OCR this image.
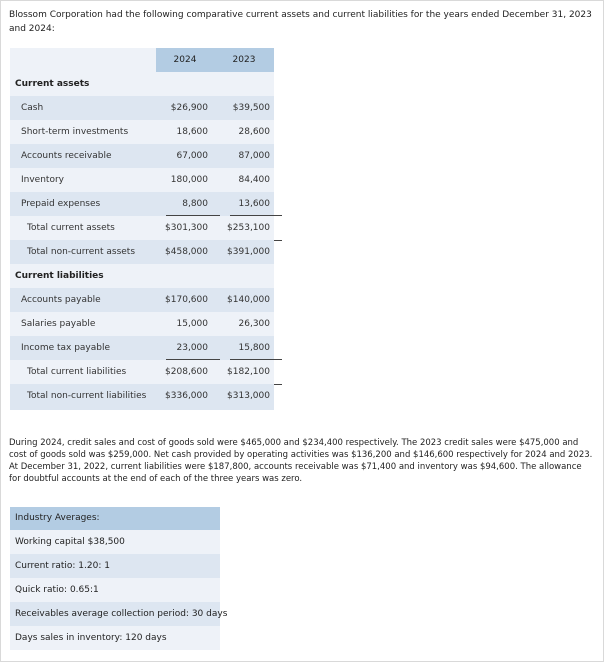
Blossom Corporation had the following comparative current assets and current liabilities for the years ended December 31, 2023 and 2024:

2024	2023
Current assets
Cash	$26,900	$39,500
Short-term investments	18,600	28,600
Accounts receivable	67,000	87,000
Inventory	180,000	84,400
Prepaid expenses	8,800	13,600
Total current assets	$301,300	$253,100
Total non-current assets	$458,000	$391,000
Current liabilities
Accounts payable	$170,600	$140,000
Salaries payable	15,000	26,300
Income tax payable	23,000	15,800
Total current liabilities	$208,600	$182,100
Total non-current liabilities	$336,000	$313,000

During 2024, credit sales and cost of goods sold were $465,000 and $234,400 respectively. The 2023 credit sales were $475,000 and cost of goods sold was $259,000. Net cash provided by operating activities was $136,200 and $146,600 respectively for 2024 and 2023. At December 31, 2022, current liabilities were $187,800, accounts receivable was $71,400 and inventory was $94,600. The allowance for doubtful accounts at the end of each of the three years was zero.

Industry Averages:
Working capital $38,500
Current ratio: 1.20: 1
Quick ratio: 0.65:1
Receivables average collection period: 30 days
Days sales in inventory: 120 days
